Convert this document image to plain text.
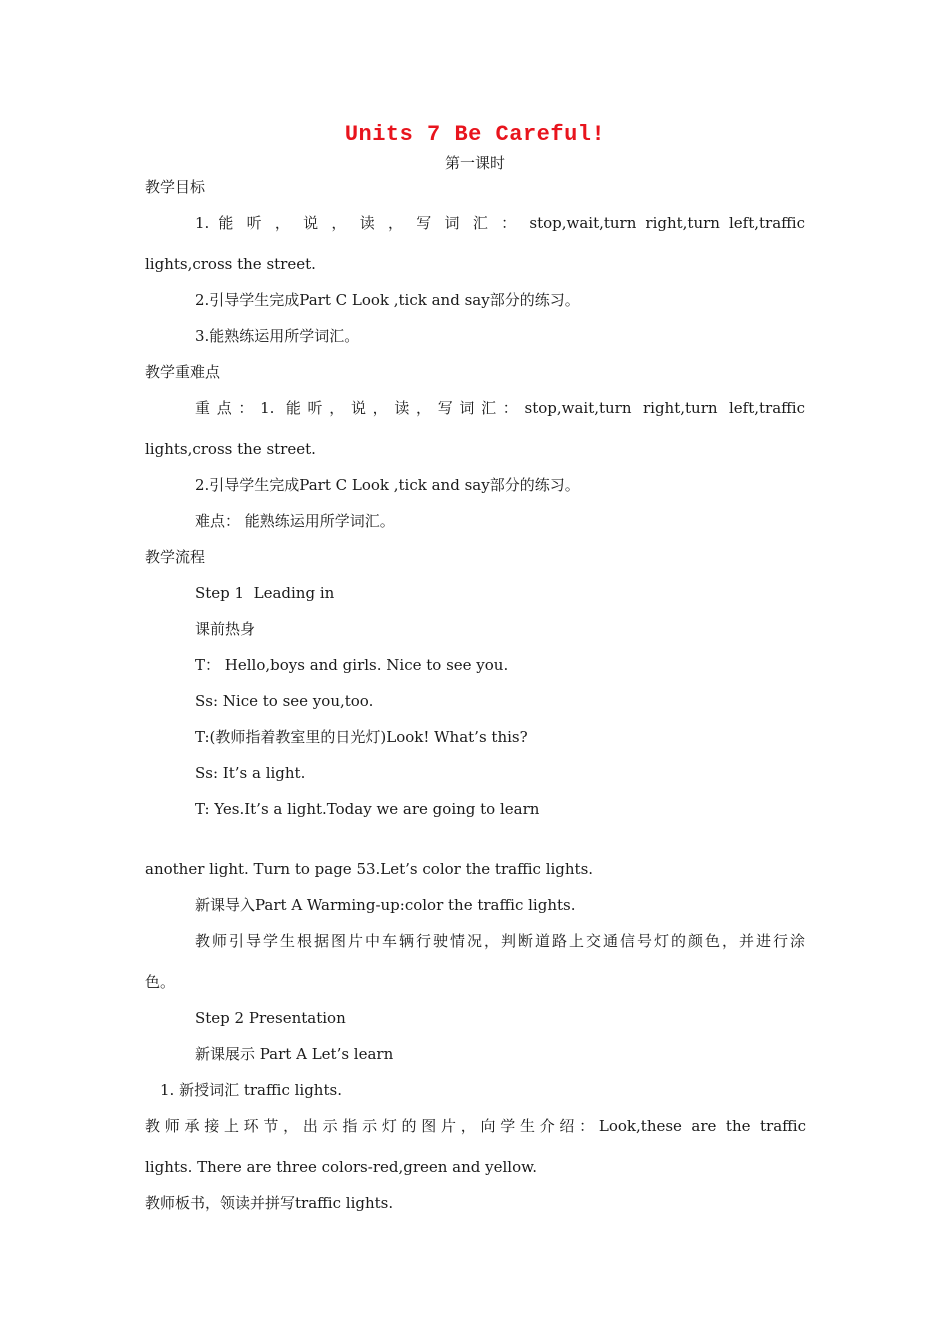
Units 7 Be Careful!
第一课时
教学目标
1. 能 听 ， 说 ， 读 ， 写 词 汇 ： stop,wait,turn right,turn left,traffic
lights,cross the street.
2.引导学生完成Part C Look ,tick and say部分的练习。
3.能熟练运用所学词汇。
教学重难点
重点：1. 能听，说，读，写词汇：stop,wait,turn right,turn left,traffic
lights,cross the street.
2.引导学生完成Part C Look ,tick and say部分的练习。
难点： 能熟练运用所学词汇。
教学流程
Step 1  Leading in
课前热身
T： Hello,boys and girls. Nice to see you.
Ss: Nice to see you,too.
T:(教师指着教室里的日光灯)Look! What’s this?
Ss: It’s a light.
T: Yes.It’s a light.Today we are going to learn
another light. Turn to page 53.Let’s color the traffic lights.
新课导入Part A Warming-up:color the traffic lights.
教师引导学生根据图片中车辆行驶情况，判断道路上交通信号灯的颜色，并进行涂
色。
Step 2 Presentation
新课展示 Part A Let’s learn
1. 新授词汇 traffic lights.
教师承接上环节，出示指示灯的图片，向学生介绍：Look,these are the traffic
lights. There are three colors-red,green and yellow.
教师板书，领读并拼写traffic lights.
